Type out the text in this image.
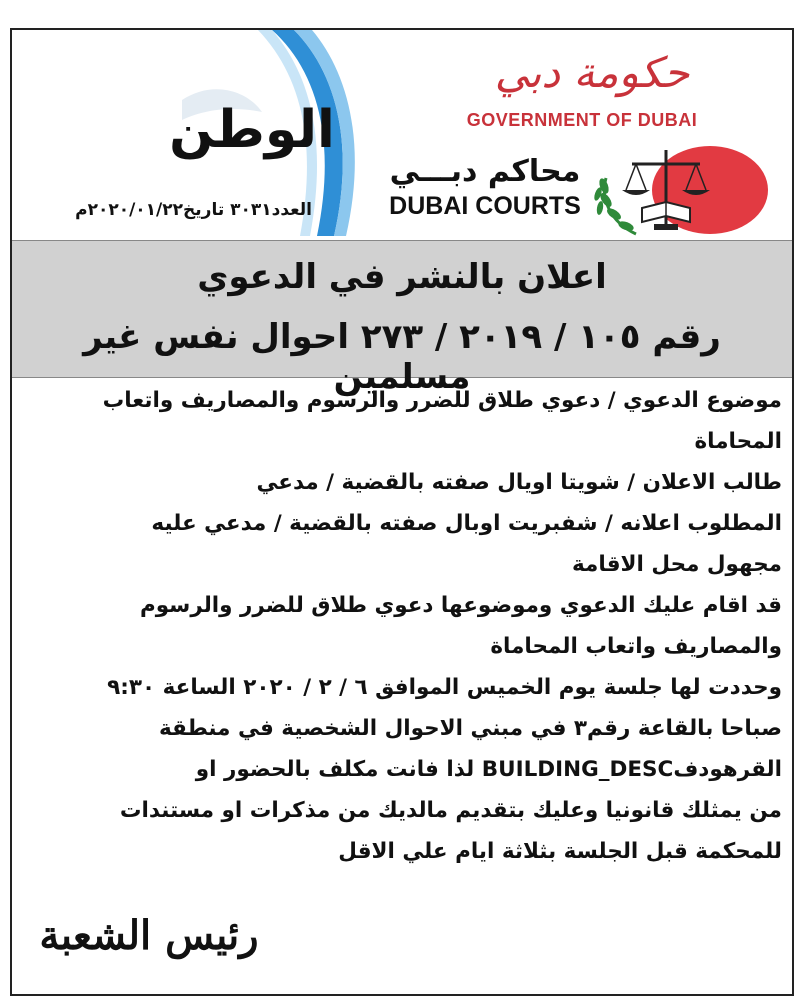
الوطن
العدد٣٠٣١ تاريخ٢٠٢٠/٠١/٢٢م
حكومة دبي
GOVERNMENT OF DUBAI
محاكم دبـــي
DUBAI COURTS
اعلان بالنشر في الدعوي
رقم ١٠٥ / ٢٠١٩ / ٢٧٣ احوال نفس غير مسلمين
موضوع الدعوي / دعوي طلاق للضرر والرسوم والمصاريف واتعاب
المحاماة
طالب الاعلان / شويتا اويال صفته بالقضية / مدعي
المطلوب اعلانه / شفبريت اوبال صفته بالقضية / مدعي عليه
مجهول محل الاقامة
قد اقام عليك الدعوي وموضوعها دعوي طلاق للضرر والرسوم
والمصاريف واتعاب المحاماة
وحددت لها جلسة يوم الخميس الموافق ٦ / ٢ / ٢٠٢٠ الساعة ٩:٣٠
صباحا بالقاعة رقم٣ في مبني الاحوال الشخصية في منطقة
القرهودفBUILDING_DESC لذا فانت مكلف بالحضور او
من يمثلك قانونيا وعليك بتقديم مالديك من مذكرات او مستندات
للمحكمة قبل الجلسة بثلاثة ايام علي الاقل
رئيس الشعبة
